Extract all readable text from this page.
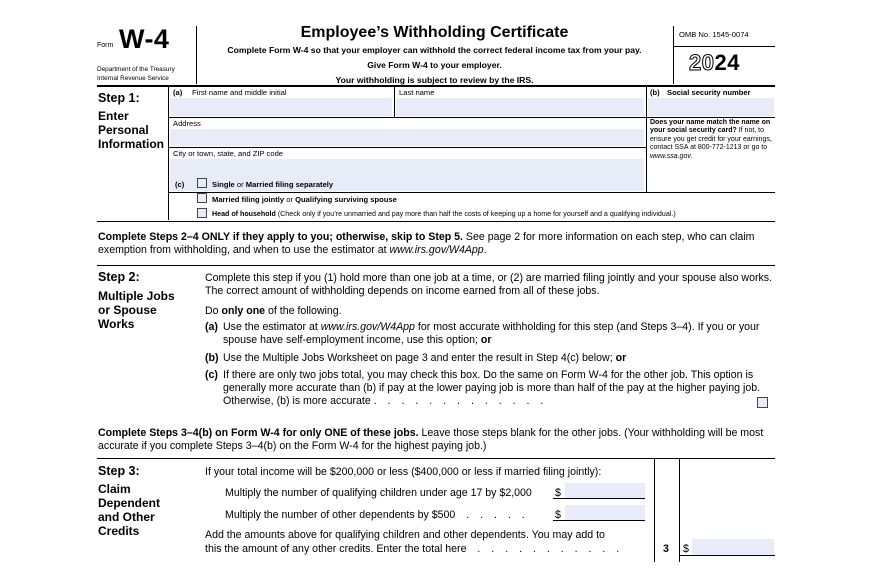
Form W-4
Department of the Treasury
Internal Revenue Service
Employee’s Withholding Certificate
Complete Form W-4 so that your employer can withhold the correct federal income tax from your pay.
Give Form W-4 to your employer.
Your withholding is subject to review by the IRS.
OMB No. 1545-0074
2024
Step 1:
Enter
Personal
Information
(a) First name and middle initial	Last name	(b) Social security number
Address
City or town, state, and ZIP code
Does your name match the name on your social security card? If not, to ensure you get credit for your earnings, contact SSA at 800-772-1213 or go to www.ssa.gov.
(c)	Single or Married filing separately
Married filing jointly or Qualifying surviving spouse
Head of household (Check only if you’re unmarried and pay more than half the costs of keeping up a home for yourself and a qualifying individual.)
Complete Steps 2–4 ONLY if they apply to you; otherwise, skip to Step 5. See page 2 for more information on each step, who can claim exemption from withholding, and when to use the estimator at www.irs.gov/W4App.
Step 2:
Multiple Jobs
or Spouse
Works
Complete this step if you (1) hold more than one job at a time, or (2) are married filing jointly and your spouse also works. The correct amount of withholding depends on income earned from all of these jobs.
Do only one of the following.
(a) Use the estimator at www.irs.gov/W4App for most accurate withholding for this step (and Steps 3–4). If you or your spouse have self-employment income, use this option; or
(b) Use the Multiple Jobs Worksheet on page 3 and enter the result in Step 4(c) below; or
(c) If there are only two jobs total, you may check this box. Do the same on Form W-4 for the other job. This option is generally more accurate than (b) if pay at the lower paying job is more than half of the pay at the higher paying job. Otherwise, (b) is more accurate . . . . . . . . . . . . .
Complete Steps 3–4(b) on Form W-4 for only ONE of these jobs. Leave those steps blank for the other jobs. (Your withholding will be most accurate if you complete Steps 3–4(b) on the Form W-4 for the highest paying job.)
Step 3:
Claim
Dependent
and Other
Credits
If your total income will be $200,000 or less ($400,000 or less if married filing jointly):
Multiply the number of qualifying children under age 17 by $2,000 $
Multiply the number of other dependents by $500 . . . . . $
Add the amounts above for qualifying children and other dependents. You may add to
this the amount of any other credits. Enter the total here . . . . . . . . . . .	3 $
